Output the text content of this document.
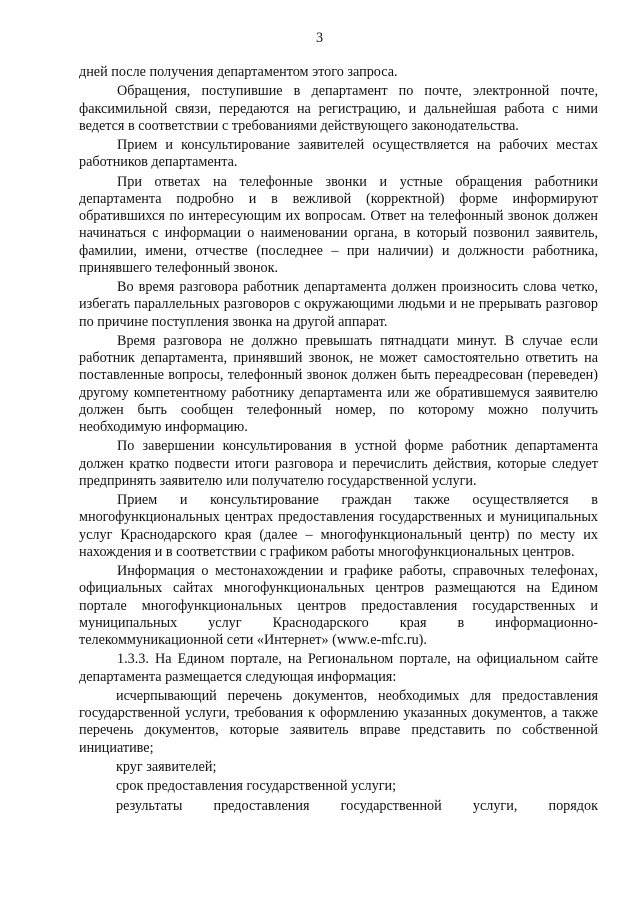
3

дней после получения департаментом этого запроса.

Обращения, поступившие в департамент по почте, электронной почте, факсимильной связи, передаются на регистрацию, и дальнейшая работа с ними ведется в соответствии с требованиями действующего законодательства.

Прием и консультирование заявителей осуществляется на рабочих местах работников департамента.

При ответах на телефонные звонки и устные обращения работники департамента подробно и в вежливой (корректной) форме информируют обратившихся по интересующим их вопросам. Ответ на телефонный звонок должен начинаться с информации о наименовании органа, в который позвонил заявитель, фамилии, имени, отчестве (последнее – при наличии) и должности работника, принявшего телефонный звонок.

Во время разговора работник департамента должен произносить слова четко, избегать параллельных разговоров с окружающими людьми и не прерывать разговор по причине поступления звонка на другой аппарат.

Время разговора не должно превышать пятнадцати минут. В случае если работник департамента, принявший звонок, не может самостоятельно ответить на поставленные вопросы, телефонный звонок должен быть переадресован (переведен) другому компетентному работнику департамента или же обратившемуся заявителю должен быть сообщен телефонный номер, по которому можно получить необходимую информацию.

По завершении консультирования в устной форме работник департамента должен кратко подвести итоги разговора и перечислить действия, которые следует предпринять заявителю или получателю государственной услуги.

Прием и консультирование граждан также осуществляется в многофункциональных центрах предоставления государственных и муниципальных услуг Краснодарского края (далее – многофункциональный центр) по месту их нахождения и в соответствии с графиком работы многофункциональных центров.

Информация о местонахождении и графике работы, справочных телефонах, официальных сайтах многофункциональных центров размещаются на Едином портале многофункциональных центров предоставления государственных и муниципальных услуг Краснодарского края в информационно-телекоммуникационной сети «Интернет» (www.e-mfc.ru).

1.3.3. На Едином портале, на Региональном портале, на официальном сайте департамента размещается следующая информация:

исчерпывающий перечень документов, необходимых для предоставления государственной услуги, требования к оформлению указанных документов, а также перечень документов, которые заявитель вправе представить по собственной инициативе;

круг заявителей;

срок предоставления государственной услуги;

результаты предоставления государственной услуги, порядок
